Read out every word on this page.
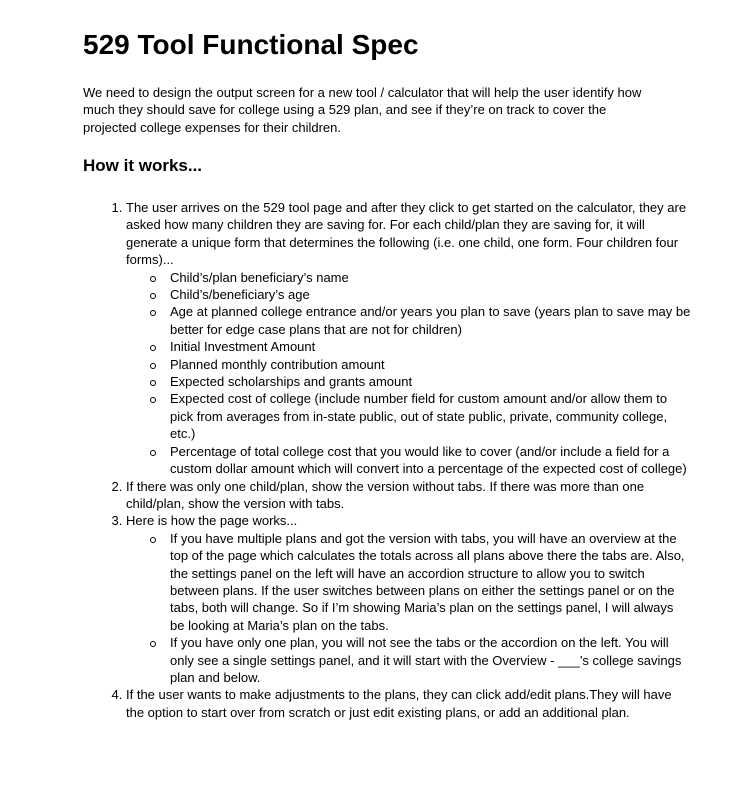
529 Tool Functional Spec

We need to design the output screen for a new tool / calculator that will help the user identify how much they should save for college using a 529 plan, and see if they’re on track to cover the projected college expenses for their children.

How it works...
1. The user arrives on the 529 tool page and after they click to get started on the calculator, they are asked how many children they are saving for. For each child/plan they are saving for, it will generate a unique form that determines the following (i.e. one child, one form. Four children four forms)...
Child’s/plan beneficiary’s name
Child’s/beneficiary’s age
Age at planned college entrance and/or years you plan to save (years plan to save may be better for edge case plans that are not for children)
Initial Investment Amount
Planned monthly contribution amount
Expected scholarships and grants amount
Expected cost of college (include number field for custom amount and/or allow them to pick from averages from in-state public, out of state public, private, community college, etc.)
Percentage of total college cost that you would like to cover (and/or include a field for a custom dollar amount which will convert into a percentage of the expected cost of college)
2. If there was only one child/plan, show the version without tabs. If there was more than one child/plan, show the version with tabs.
3. Here is how the page works...
If you have multiple plans and got the version with tabs, you will have an overview at the top of the page which calculates the totals across all plans above there the tabs are. Also, the settings panel on the left will have an accordion structure to allow you to switch between plans. If the user switches between plans on either the settings panel or on the tabs, both will change. So if I’m showing Maria’s plan on the settings panel, I will always be looking at Maria’s plan on the tabs.
If you have only one plan, you will not see the tabs or the accordion on the left. You will only see a single settings panel, and it will start with the Overview - ___’s college savings plan and below.
4. If the user wants to make adjustments to the plans, they can click add/edit plans.They will have the option to start over from scratch or just edit existing plans, or add an additional plan.
